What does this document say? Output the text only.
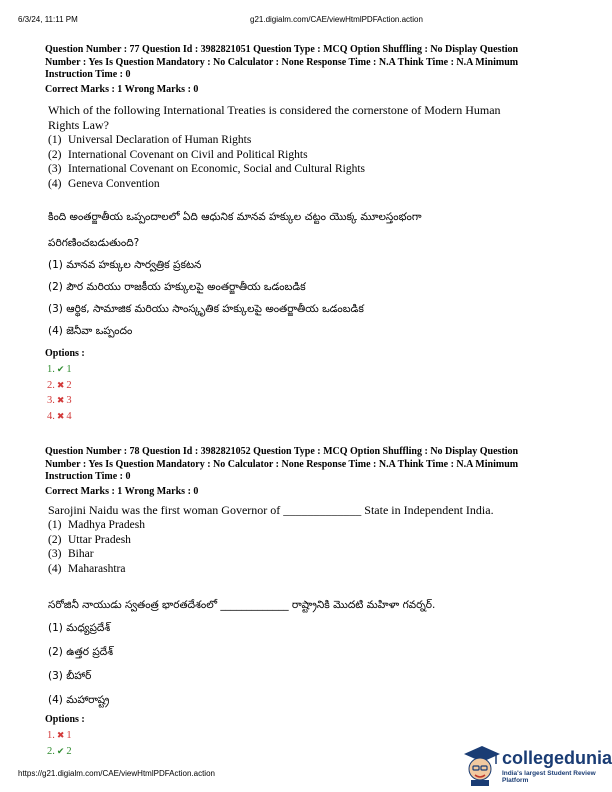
6/3/24, 11:11 PM	g21.digialm.com/CAE/viewHtmlPDFAction.action
Question Number : 77 Question Id : 3982821051 Question Type : MCQ Option Shuffling : No Display Question
Number : Yes Is Question Mandatory : No Calculator : None Response Time : N.A Think Time : N.A Minimum
Instruction Time : 0
Correct Marks : 1 Wrong Marks : 0
Which of the following International Treaties is considered the cornerstone of Modern Human
Rights Law?
(1) Universal Declaration of Human Rights
(2) International Covenant on Civil and Political Rights
(3) International Covenant on Economic, Social and Cultural Rights
(4) Geneva Convention
కింది అంతర్జాతీయ ఒప్పందాలలో ఏది ఆధునిక మానవ హక్కుల చట్టం యొక్క మూలస్తంభంగా
పరిగణించబడుతుంది?
(1) మానవ హక్కుల సార్వత్రిక ప్రకటన
(2) పౌర మరియు రాజకీయ హక్కులపై అంతర్జాతీయ ఒడంబడిక
(3) ఆర్థిక, సామాజిక మరియు సాంస్కృతిక హక్కులపై అంతర్జాతీయ ఒడంబడిక
(4) జెనీవా ఒప్పందం
Options :
1. ✔ 1
2. ✖ 2
3. ✖ 3
4. ✖ 4
Question Number : 78 Question Id : 3982821052 Question Type : MCQ Option Shuffling : No Display Question
Number : Yes Is Question Mandatory : No Calculator : None Response Time : N.A Think Time : N.A Minimum
Instruction Time : 0
Correct Marks : 1 Wrong Marks : 0
Sarojini Naidu was the first woman Governor of _____________ State in Independent India.
(1) Madhya Pradesh
(2) Uttar Pradesh
(3) Bihar
(4) Maharashtra
సరోజినీ నాయుడు స్వతంత్ర భారతదేశంలో _____________ రాష్ట్రానికి మొదటి మహిళా గవర్నర్.
(1) మధ్యప్రదేశ్
(2) ఉత్తర ప్రదేశ్
(3) బీహార్
(4) మహారాష్ట్ర
Options :
1. ✖ 1
2. ✔ 2
https://g21.digialm.com/CAE/viewHtmlPDFAction.action
collegedunia
India's largest Student Review Platform
